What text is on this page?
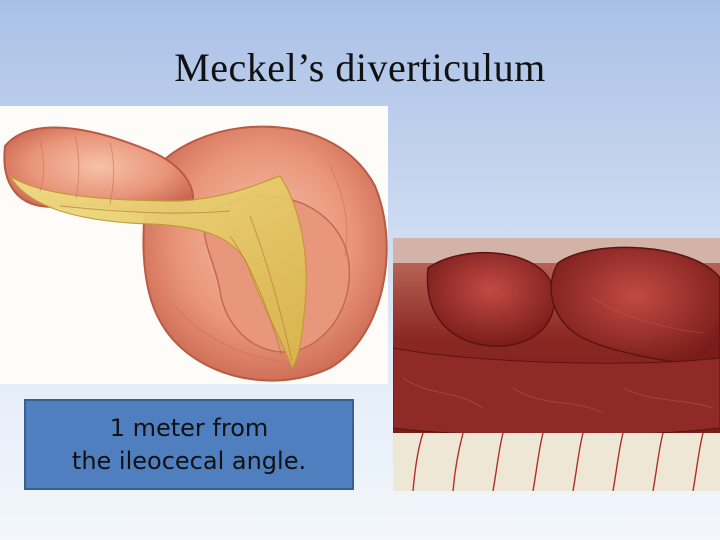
Meckel’s diverticulum
1 meter from
the ileocecal angle.
